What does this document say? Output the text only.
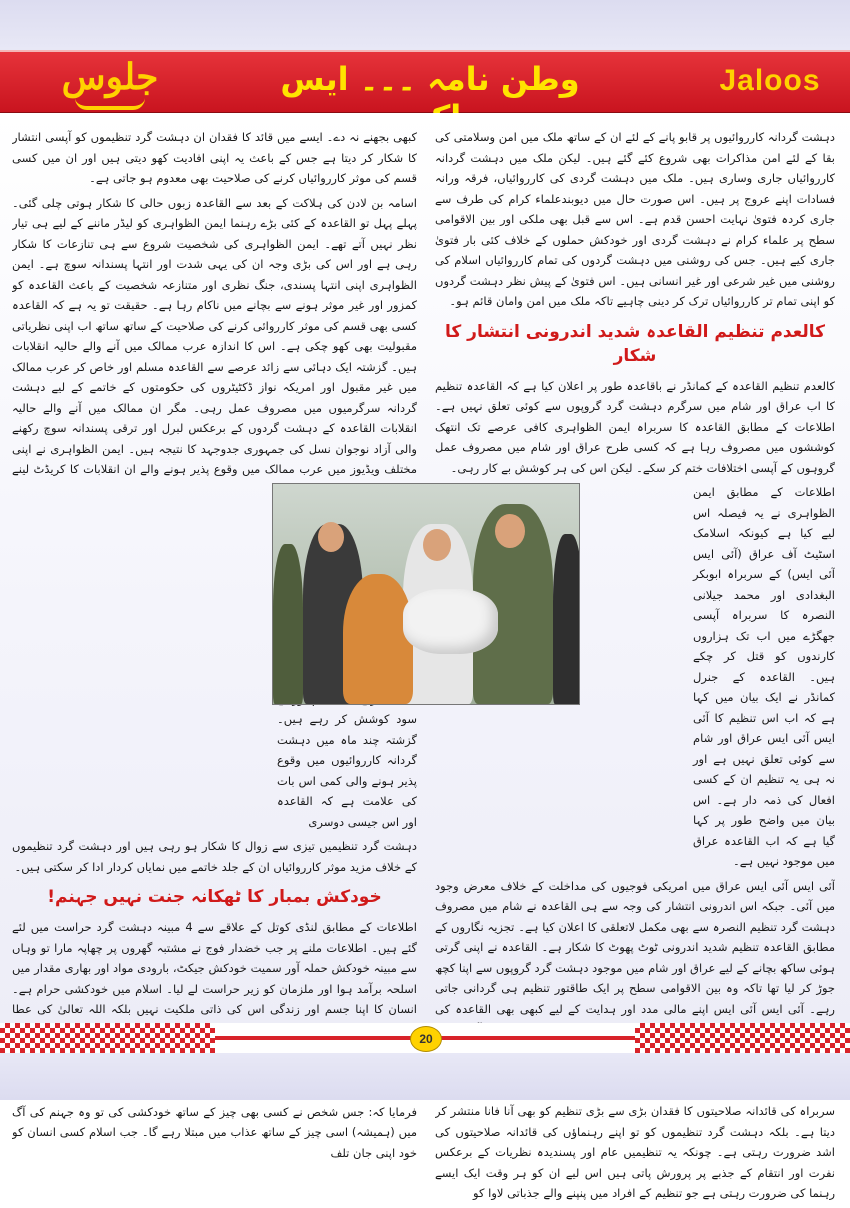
جلوس	وطن نامہ ۔۔۔ ایس	Jaloos

دہشت گردانہ کارروائیوں پر قابو پانے کے لئے ان کے ساتھ ملک میں امن وسلامتی کی بقا کے لئے امن مذاکرات بھی شروع کئے گئے ہیں۔ لیکن ملک میں دہشت گردانہ کارروائیاں جاری وساری ہیں۔ ملک میں دہشت گردی کی کارروائیاں، فرقہ ورانہ فسادات اپنے عروج پر ہیں۔ اس صورت حال میں دیوبندعلماء کرام کی طرف سے جاری کردہ فتویٰ نہایت احسن قدم ہے۔ اس سے قبل بھی ملکی اور بین الاقوامی سطح پر علماء کرام نے دہشت گردی اور خودکش حملوں کے خلاف کئی بار فتویٰ جاری کیے ہیں۔ جس کی روشنی میں دہشت گردوں کی تمام کارروائیاں اسلام کی روشنی میں غیر شرعی اور غیر انسانی ہیں۔ اس فتویٰ کے پیش نظر دہشت گردوں کو اپنی تمام تر کارروائیاں ترک کر دینی چاہیے تاکہ ملک میں امن وامان قائم ہو۔

کالعدم تنظیم القاعدہ شدید اندرونی انتشار کا شکار

کالعدم تنظیم القاعدہ کے کمانڈر نے باقاعدہ طور پر اعلان کیا ہے کہ القاعدہ تنظیم کا اب عراق اور شام میں سرگرم دہشت گرد گروپوں سے کوئی تعلق نہیں ہے۔ اطلاعات کے مطابق القاعدہ کا سربراہ ایمن الظواہری کافی عرصے تک انتھک کوششوں میں مصروف رہا ہے کہ کسی طرح عراق اور شام میں مصروف عمل گروہوں کے آپسی اختلافات ختم کر سکے۔ لیکن اس کی ہر کوشش بے کار رہی۔

اطلاعات کے مطابق ایمن الظواہری نے یہ فیصلہ اس لیے کیا ہے کیونکہ اسلامک اسٹیٹ آف عراق (آئی ایس آئی ایس) کے سربراہ ابوبکر البغدادی اور محمد جیلانی النصرہ کا سربراہ آپسی جھگڑے میں اب تک ہزاروں کارندوں کو قتل کر چکے ہیں۔ القاعدہ کے جنرل کمانڈر نے ایک بیان میں کہا ہے کہ اب اس تنظیم کا آئی ایس آئی ایس عراق اور شام سے کوئی تعلق نہیں ہے اور نہ ہی یہ تنظیم ان کے کسی افعال کی ذمہ دار ہے۔ اس بیان میں واضح طور پر کہا گیا ہے کہ اب القاعدہ عراق میں موجود نہیں ہے۔

آئی ایس آئی ایس عراق میں امریکی فوجیوں کی مداخلت کے خلاف معرض وجود میں آئی۔ جبکہ اس اندرونی انتشار کی وجہ سے ہی القاعدہ نے شام میں مصروف دہشت گرد تنظیم النصرہ سے بھی مکمل لاتعلقی کا اعلان کیا ہے۔ تجزیہ نگاروں کے مطابق القاعدہ تنظیم شدید اندرونی ٹوٹ پھوٹ کا شکار ہے۔ القاعدہ نے اپنی گرتی ہوئی ساکھ بچانے کے لیے عراق اور شام میں موجود دہشت گرد گروپوں سے اپنا کچھ جوڑ کر لیا تھا تاکہ وہ بین الاقوامی سطح پر ایک طاقتور تنظیم ہی گردانی جاتی رہے۔ آئی ایس آئی ایس اپنے مالی مدد اور ہدایت کے لیے کبھی بھی القاعدہ کی سربراہ کی قائدانہ صلاحیتوں کا فقدان بڑی سے بڑی تنظیم کو بھی آنا فانا منتشر کر دیتا ہے۔ بلکہ دہشت گرد تنظیموں کو تو اپنے رہنماؤں کی قائدانہ صلاحیتوں کی اشد ضرورت رہتی ہے۔ چونکہ یہ تنظیمیں عام اور پسندیدہ نظریات کے برعکس نفرت اور انتقام کے جذبے پر پرورش پاتی ہیں اس لیے ان کو ہر وقت ایک ایسے رہنما کی ضرورت رہتی ہے جو تنظیم کے افراد میں پنپنے والے جذباتی لاوا کو

کبھی بجھنے نہ دے۔ ایسے میں قائد کا فقدان ان دہشت گرد تنظیموں کو آپسی انتشار کا شکار کر دیتا ہے جس کے باعث یہ اپنی افادیت کھو دیتی ہیں اور ان میں کسی قسم کی موثر کارروائیاں کرنے کی صلاحیت بھی معدوم ہو جاتی ہے۔

اسامہ بن لادن کی ہلاکت کے بعد سے القاعدہ زبوں حالی کا شکار ہوتی چلی گئی۔ پہلے پہل تو القاعدہ کے کئی بڑے رہنما ایمن الظواہری کو لیڈر ماننے کے لیے ہی تیار نظر نہیں آتے تھے۔ ایمن الظواہری کی شخصیت شروع سے ہی تنازعات کا شکار رہی ہے اور اس کی بڑی وجہ ان کی یہی شدت اور انتہا پسندانہ سوچ ہے۔ ایمن الظواہری اپنی انتہا پسندی، جنگ نظری اور متنازعہ شخصیت کے باعث القاعدہ کو کمزور اور غیر موثر ہونے سے بچانے میں ناکام رہا ہے۔ حقیقت تو یہ ہے کہ القاعدہ کسی بھی قسم کی موثر کارروائی کرنے کی صلاحیت کے ساتھ ساتھ اب اپنی نظریاتی مقبولیت بھی کھو چکی ہے۔ اس کا اندازہ عرب ممالک میں آنے والے حالیہ انقلابات ہیں۔ گزشتہ ایک دہائی سے زائد عرصے سے القاعدہ مسلم اور خاص کر عرب ممالک میں غیر مقبول اور امریکہ نواز ڈکٹیٹروں کی حکومتوں کے خاتمے کے لیے دہشت گردانہ سرگرمیوں میں مصروف عمل رہی۔ مگر ان ممالک میں آنے والے حالیہ انقلابات القاعدہ کے دہشت گردوں کے برعکس لبرل اور ترقی پسندانہ سوچ رکھنے والی آزاد نوجوان نسل کی جمہوری جدوجہد کا نتیجہ ہیں۔ ایمن الظواہری نے اپنی مختلف ویڈیوز میں عرب ممالک میں وقوع پذیر ہونے والے ان انقلابات کا کریڈٹ لینے

سود کوشش کر رہے ہیں۔ گزشتہ چند ماہ میں دہشت گردانہ کارروائیوں میں وقوع پذیر ہونے والی کمی اس بات کی علامت ہے کہ القاعدہ اور اس جیسی دوسری

دہشت گرد تنظیمیں تیزی سے زوال کا شکار ہو رہی ہیں اور دہشت گرد تنظیموں کے خلاف مزید موثر کارروائیاں ان کے جلد خاتمے میں نمایاں کردار ادا کر سکتی ہیں۔

خودکش بمبار کا ٹھکانہ جنت نہیں جہنم!

اطلاعات کے مطابق لنڈی کوتل کے علاقے سے 4 مبینہ دہشت گرد حراست میں لئے گئے ہیں۔ اطلاعات ملنے پر جب خضدار فوج نے مشتبہ گھروں پر چھاپہ مارا تو وہاں سے مبینہ خودکش حملہ آور سمیت خودکش جیکٹ، بارودی مواد اور بھاری مقدار میں اسلحہ برآمد ہوا اور ملزمان کو زیر حراست لے لیا۔ اسلام میں خودکشی حرام ہے۔ انسان کا اپنا جسم اور زندگی اس کی ذاتی ملکیت نہیں بلکہ اللہ تعالیٰ کی عطا فرمایا کہ: جس شخص نے کسی بھی چیز کے ساتھ خودکشی کی تو وہ جہنم کی آگ میں (ہمیشہ) اسی چیز کے ساتھ عذاب میں مبتلا رہے گا۔ جب اسلام کسی انسان کو خود اپنی جان تلف

20
